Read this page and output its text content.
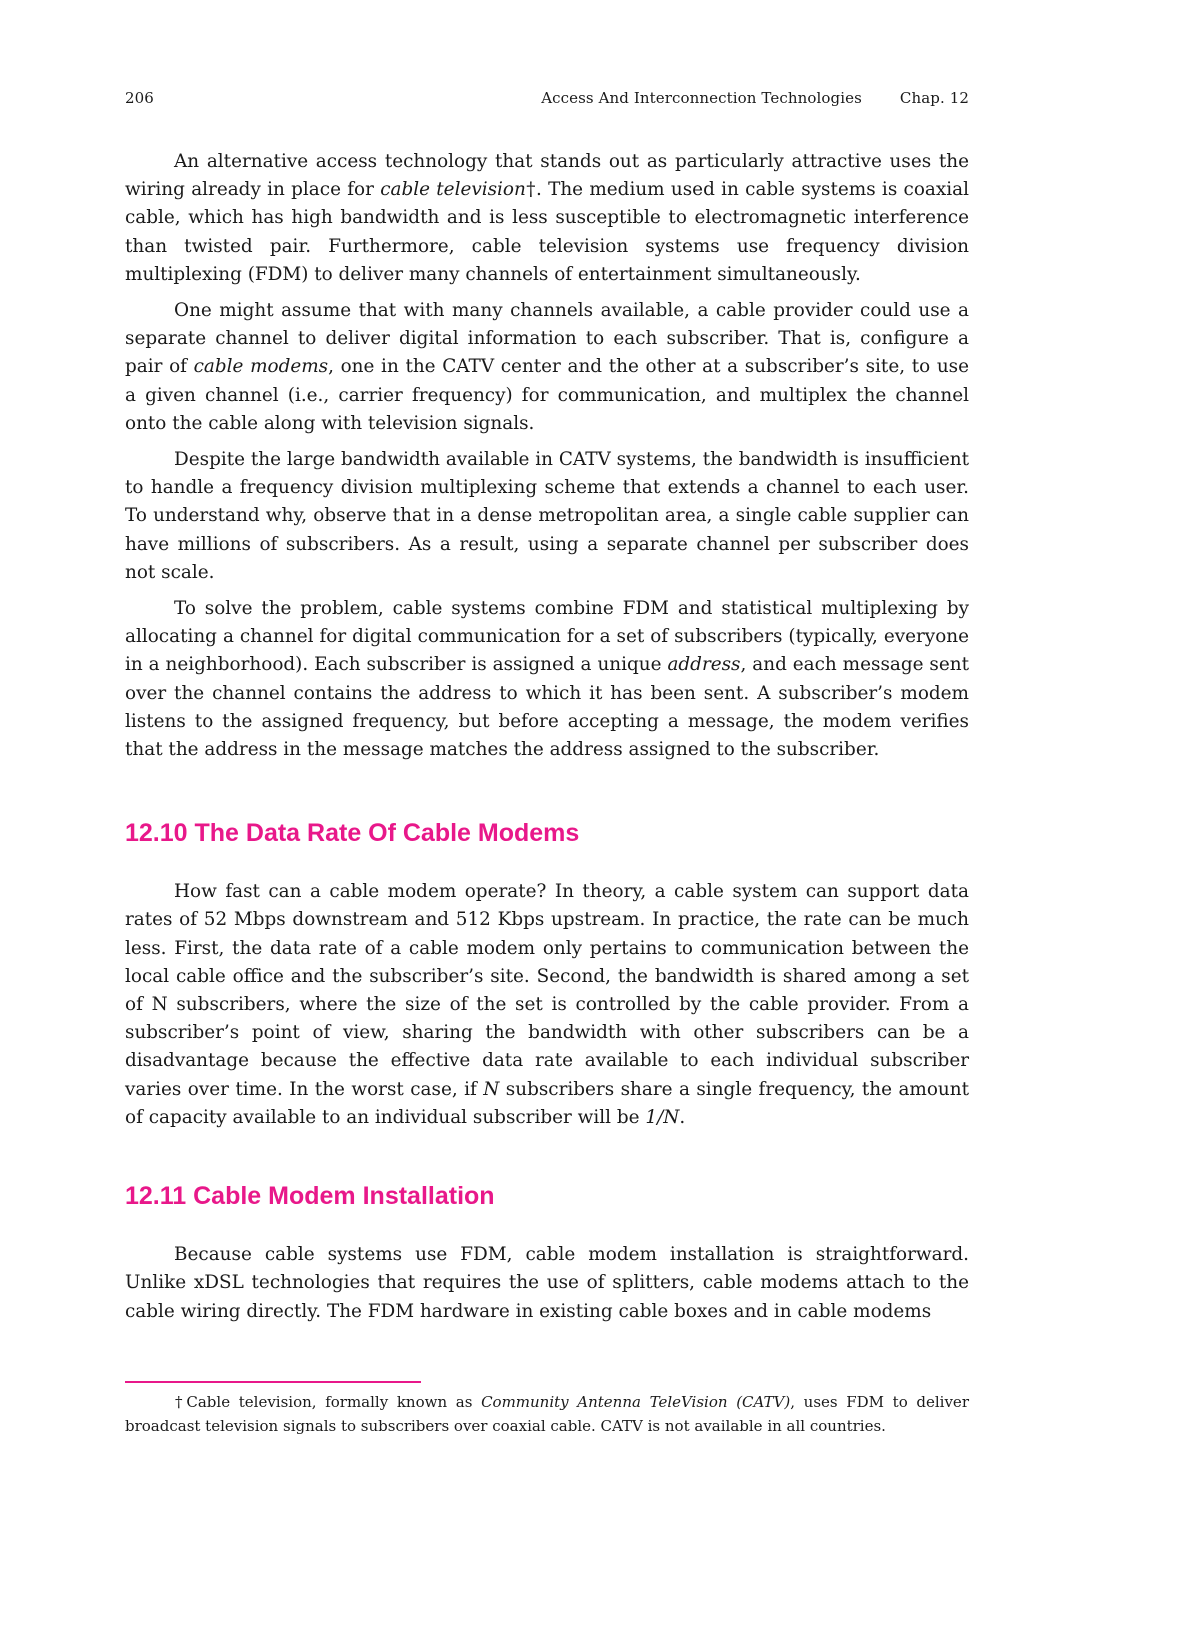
206	Access And Interconnection Technologies	Chap. 12

An alternative access technology that stands out as particularly attractive uses the wiring already in place for cable television†. The medium used in cable systems is coaxial cable, which has high bandwidth and is less susceptible to electromagnetic interference than twisted pair. Furthermore, cable television systems use frequency division multiplexing (FDM) to deliver many channels of entertainment simultaneously.

One might assume that with many channels available, a cable provider could use a separate channel to deliver digital information to each subscriber. That is, configure a pair of cable modems, one in the CATV center and the other at a subscriber’s site, to use a given channel (i.e., carrier frequency) for communication, and multiplex the channel onto the cable along with television signals.

Despite the large bandwidth available in CATV systems, the bandwidth is insufficient to handle a frequency division multiplexing scheme that extends a channel to each user. To understand why, observe that in a dense metropolitan area, a single cable supplier can have millions of subscribers. As a result, using a separate channel per subscriber does not scale.

To solve the problem, cable systems combine FDM and statistical multiplexing by allocating a channel for digital communication for a set of subscribers (typically, everyone in a neighborhood). Each subscriber is assigned a unique address, and each message sent over the channel contains the address to which it has been sent. A subscriber’s modem listens to the assigned frequency, but before accepting a message, the modem verifies that the address in the message matches the address assigned to the subscriber.

12.10 The Data Rate Of Cable Modems

How fast can a cable modem operate? In theory, a cable system can support data rates of 52 Mbps downstream and 512 Kbps upstream. In practice, the rate can be much less. First, the data rate of a cable modem only pertains to communication between the local cable office and the subscriber’s site. Second, the bandwidth is shared among a set of N subscribers, where the size of the set is controlled by the cable provider. From a subscriber’s point of view, sharing the bandwidth with other subscribers can be a disadvantage because the effective data rate available to each individual subscriber varies over time. In the worst case, if N subscribers share a single frequency, the amount of capacity available to an individual subscriber will be 1/N.

12.11 Cable Modem Installation

Because cable systems use FDM, cable modem installation is straightforward. Unlike xDSL technologies that requires the use of splitters, cable modems attach to the cable wiring directly. The FDM hardware in existing cable boxes and in cable modems

†Cable television, formally known as Community Antenna TeleVision (CATV), uses FDM to deliver broadcast television signals to subscribers over coaxial cable. CATV is not available in all countries.
